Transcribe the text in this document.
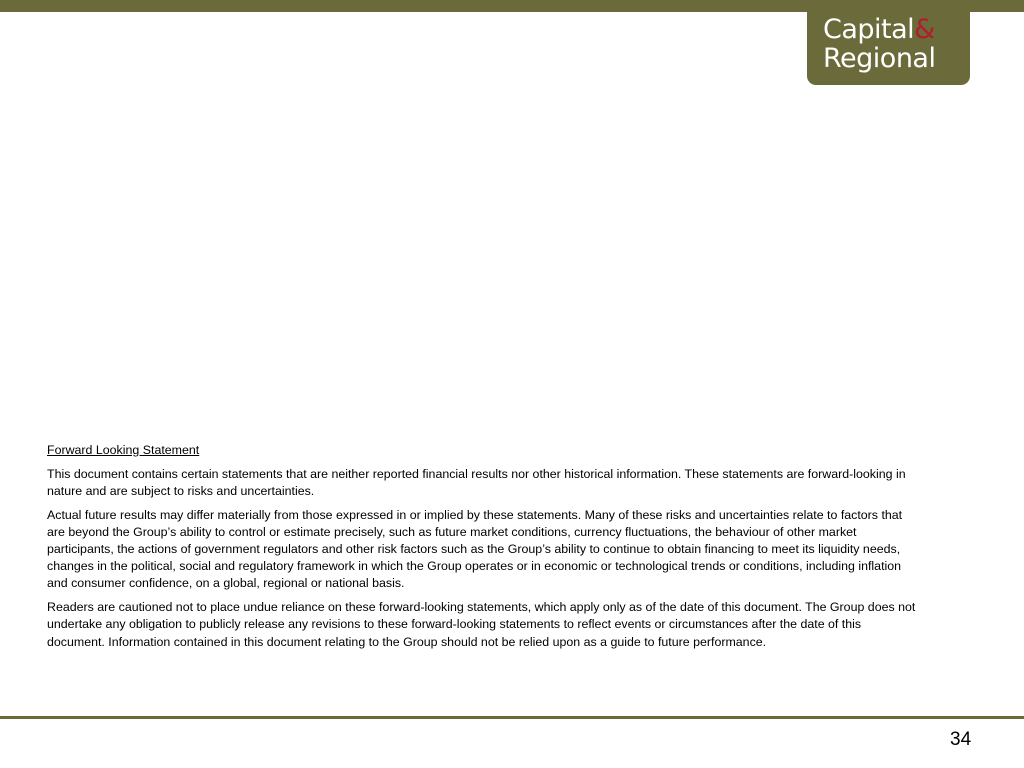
Capital&
Regional

Forward Looking Statement

This document contains certain statements that are neither reported financial results nor other historical information. These statements are forward-looking in nature and are subject to risks and uncertainties.

Actual future results may differ materially from those expressed in or implied by these statements. Many of these risks and uncertainties relate to factors that are beyond the Group’s ability to control or estimate precisely, such as future market conditions, currency fluctuations, the behaviour of other market participants, the actions of government regulators and other risk factors such as the Group’s ability to continue to obtain financing to meet its liquidity needs, changes in the political, social and regulatory framework in which the Group operates or in economic or technological trends or conditions, including inflation and consumer confidence, on a global, regional or national basis.

Readers are cautioned not to place undue reliance on these forward-looking statements, which apply only as of the date of this document. The Group does not undertake any obligation to publicly release any revisions to these forward-looking statements to reflect events or circumstances after the date of this document. Information contained in this document relating to the Group should not be relied upon as a guide to future performance.

34
